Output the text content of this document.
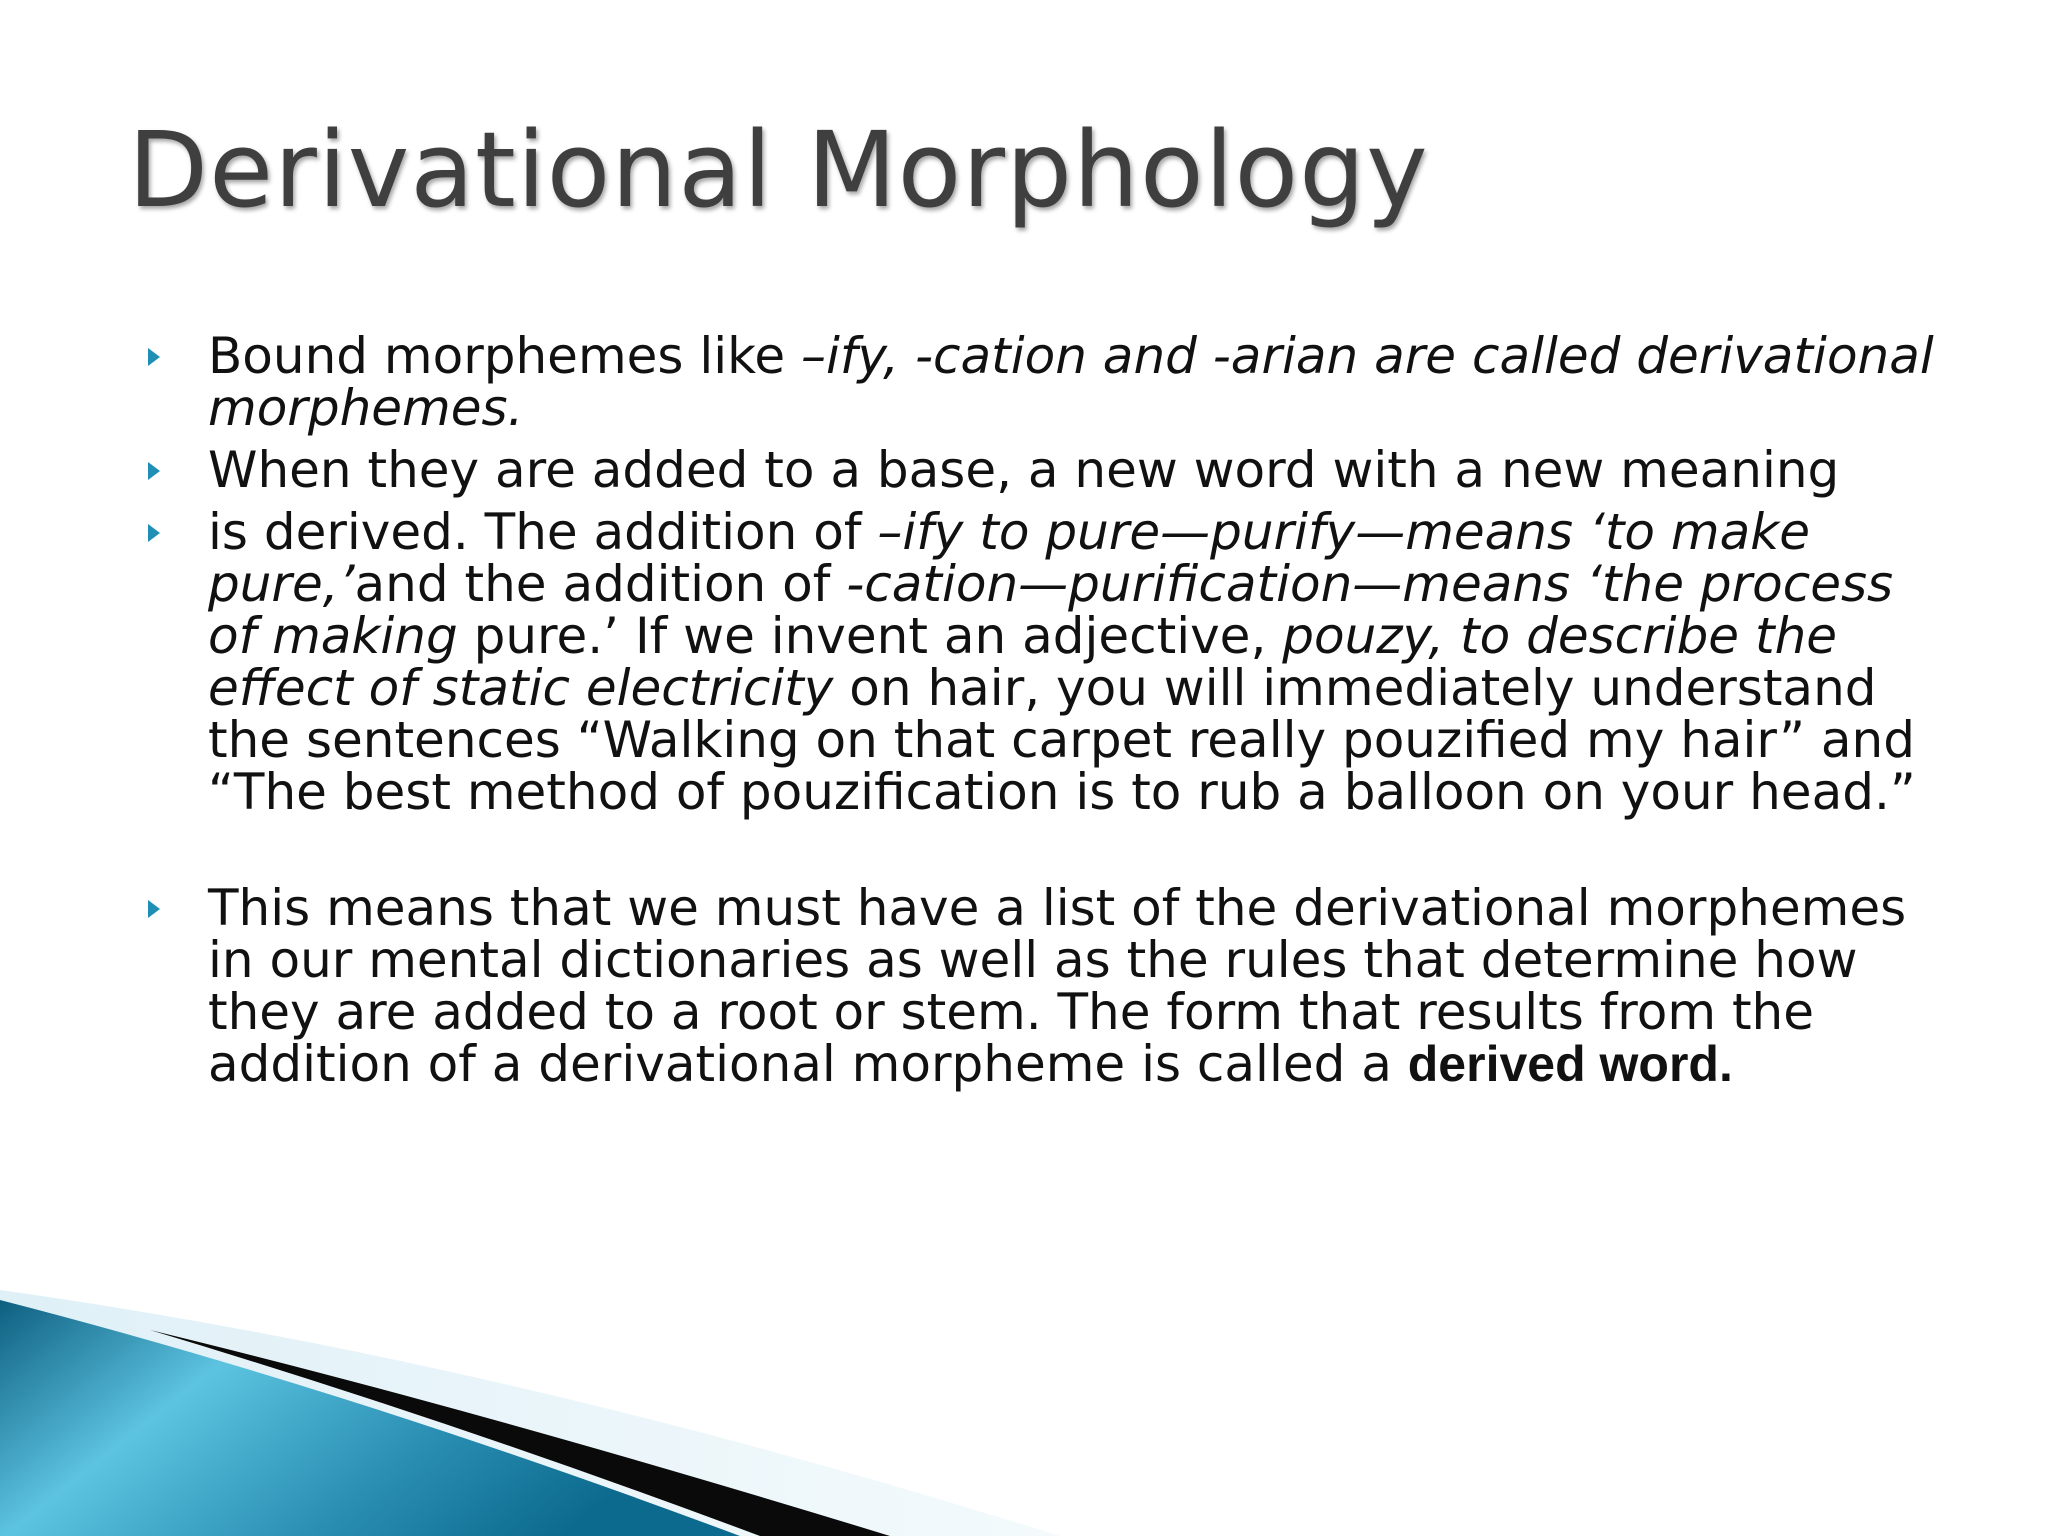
Derivational Morphology

Bound morphemes like –ify, -cation and -arian are called derivational morphemes.

When they are added to a base, a new word with a new meaning

is derived. The addition of –ify to pure—purify—means ‘to make pure,’and the addition of -cation—purification—means ‘the process of making pure.’ If we invent an adjective, pouzy, to describe the effect of static electricity on hair, you will immediately understand the sentences “Walking on that carpet really pouzified my hair” and “The best method of pouzification is to rub a balloon on your head.”

This means that we must have a list of the derivational morphemes in our mental dictionaries as well as the rules that determine how they are added to a root or stem. The form that results from the addition of a derivational morpheme is called a derived word.
